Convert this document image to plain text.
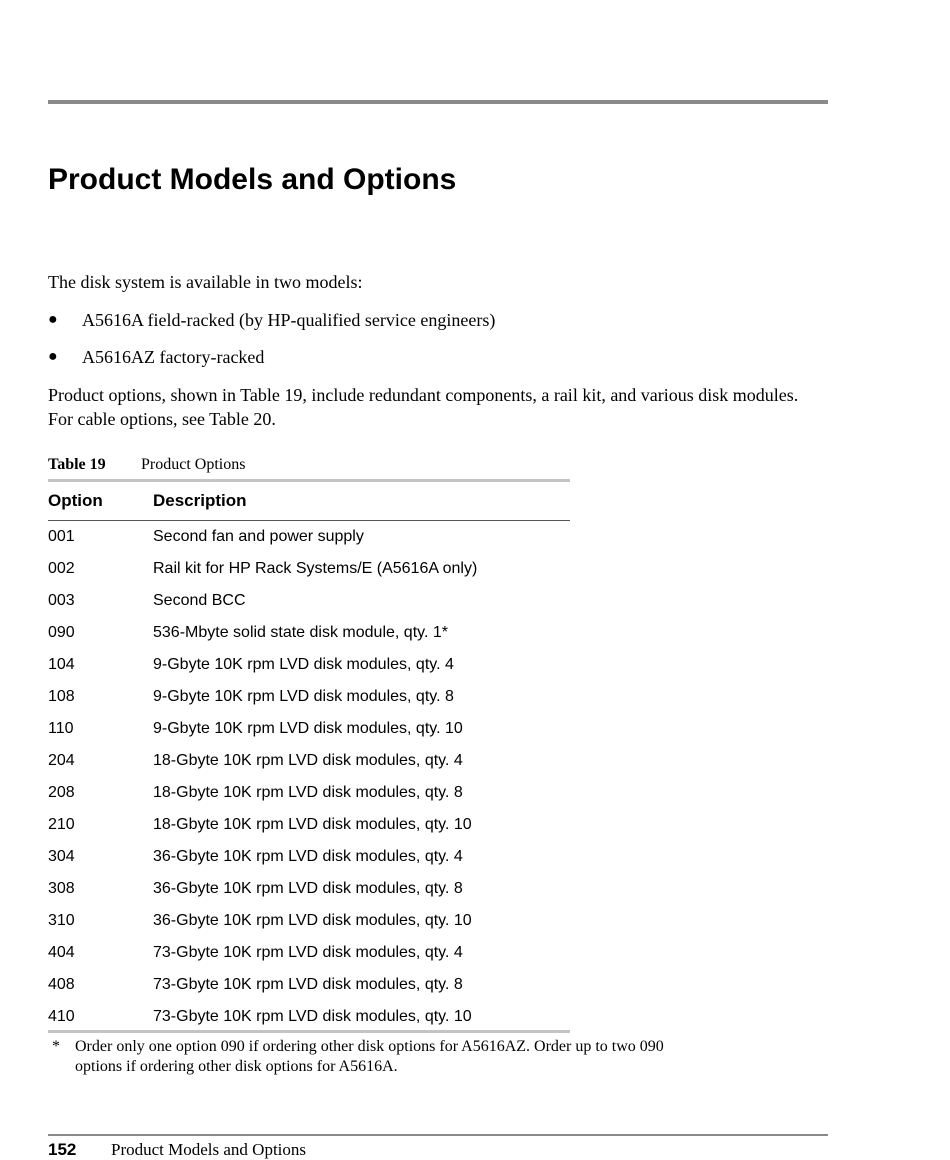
Product Models and Options

The disk system is available in two models:

● A5616A field-racked (by HP-qualified service engineers)
● A5616AZ factory-racked

Product options, shown in Table 19, include redundant components, a rail kit, and various disk modules. For cable options, see Table 20.

Table 19 Product Options
Option	Description
001	Second fan and power supply
002	Rail kit for HP Rack Systems/E (A5616A only)
003	Second BCC
090	536-Mbyte solid state disk module, qty. 1*
104	9-Gbyte 10K rpm LVD disk modules, qty. 4
108	9-Gbyte 10K rpm LVD disk modules, qty. 8
110	9-Gbyte 10K rpm LVD disk modules, qty. 10
204	18-Gbyte 10K rpm LVD disk modules, qty. 4
208	18-Gbyte 10K rpm LVD disk modules, qty. 8
210	18-Gbyte 10K rpm LVD disk modules, qty. 10
304	36-Gbyte 10K rpm LVD disk modules, qty. 4
308	36-Gbyte 10K rpm LVD disk modules, qty. 8
310	36-Gbyte 10K rpm LVD disk modules, qty. 10
404	73-Gbyte 10K rpm LVD disk modules, qty. 4
408	73-Gbyte 10K rpm LVD disk modules, qty. 8
410	73-Gbyte 10K rpm LVD disk modules, qty. 10
* Order only one option 090 if ordering other disk options for A5616AZ. Order up to two 090 options if ordering other disk options for A5616A.
152 Product Models and Options
